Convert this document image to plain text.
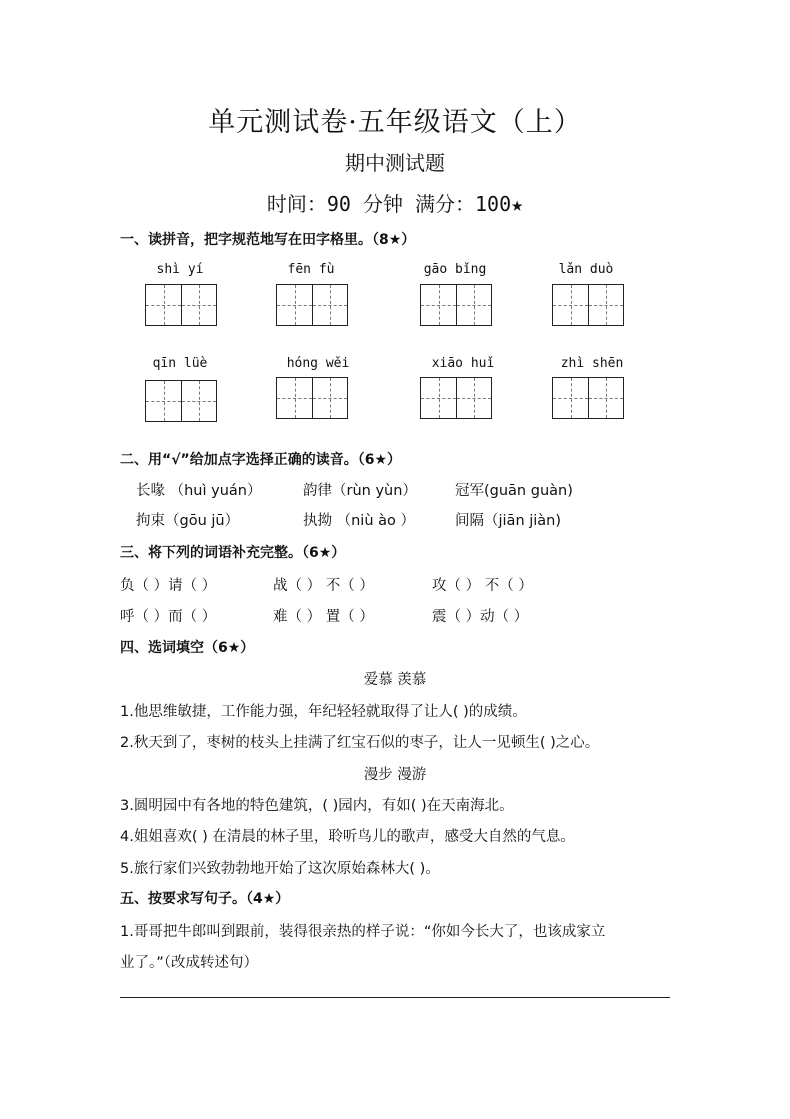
单元测试卷·五年级语文（上）
期中测试题
时间：90 分钟 满分：100★
一、读拼音，把字规范地写在田字格里。（8★）
shì yí	fēn fù	gāo bǐng	lǎn duò
qīn lüè	hóng wěi	xiāo huǐ	zhì shēn
二、用“√”给加点字选择正确的读音。（6★）
长喙 （huì yuán）	韵律（rùn yùn）	冠军(guān guàn)
拘束（gōu jū）	执拗 （niù ào ）	间隔（jiān jiàn)
三、将下列的词语补充完整。（6★）
负（ ）请（ ）	战（ ） 不（ ）	攻（ ） 不（ ）
呼（ ）而（ ）	难（ ） 置（ ）	震（ ）动（ ）
四、选词填空（6★）
爱慕 羡慕
1.他思维敏捷，工作能力强，年纪轻轻就取得了让人( )的成绩。
2.秋天到了，枣树的枝头上挂满了红宝石似的枣子，让人一见顿生( )之心。
漫步 漫游
3.圆明园中有各地的特色建筑，( )园内，有如( )在天南海北。
4.姐姐喜欢( ) 在清晨的林子里，聆听鸟儿的歌声，感受大自然的气息。
5.旅行家们兴致勃勃地开始了这次原始森林大( )。
五、按要求写句子。（4★）
1.哥哥把牛郎叫到跟前，装得很亲热的样子说：“你如今长大了，也该成家立
业了。”（改成转述句）
